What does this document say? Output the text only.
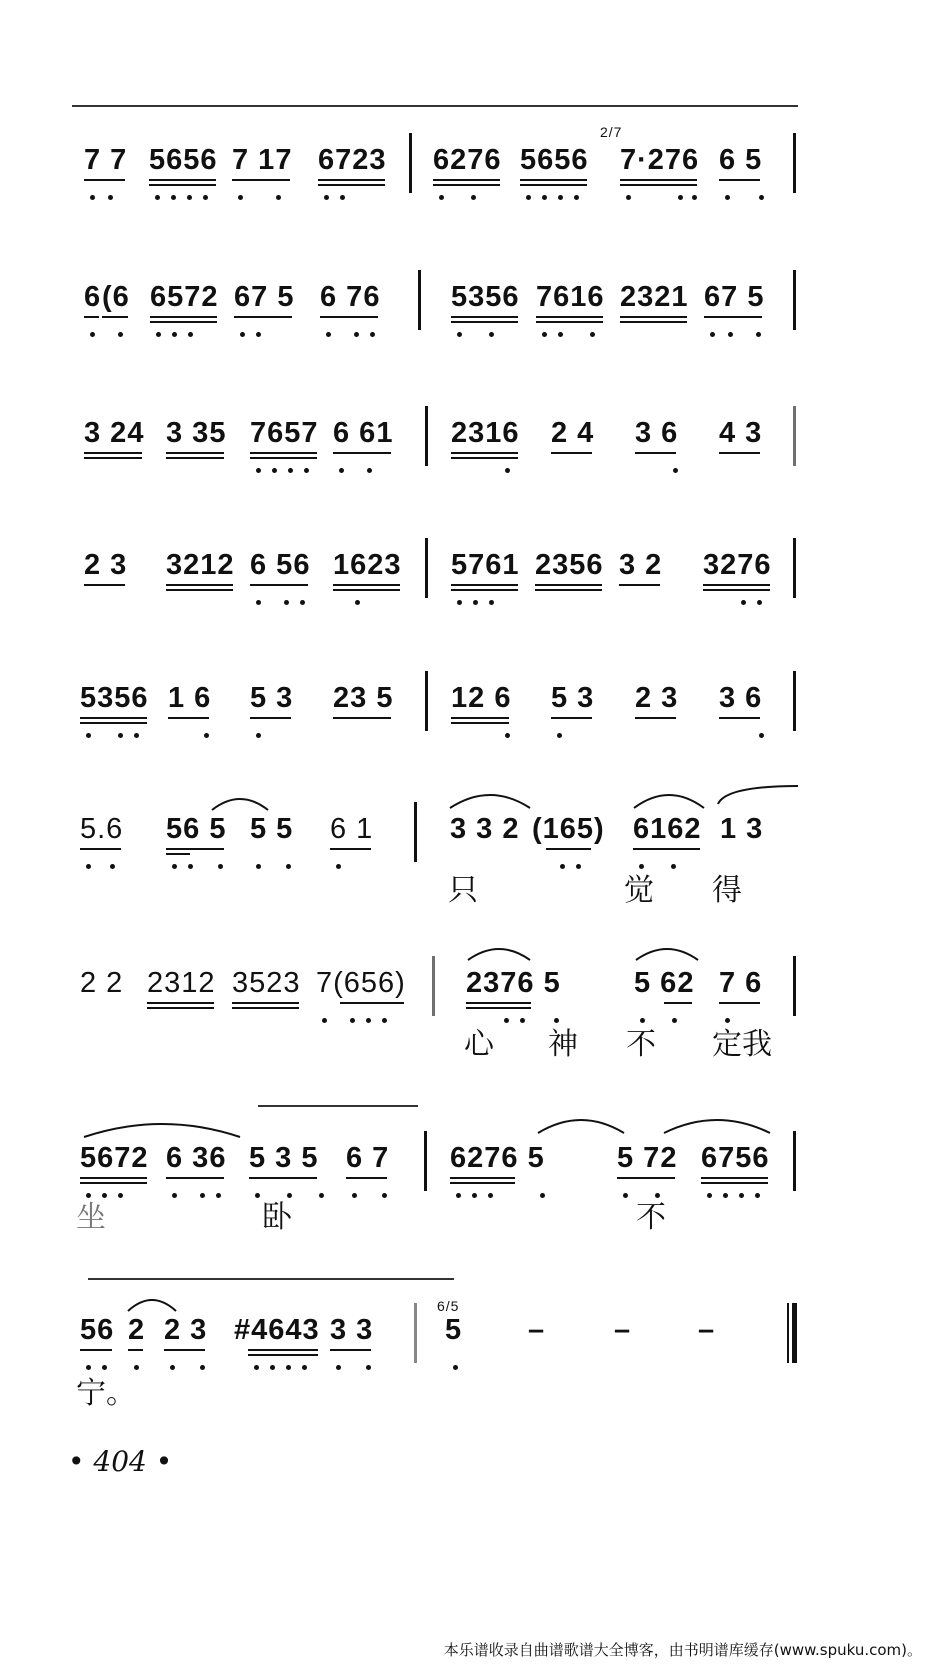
7 7 5656 7 17 6723 6276 5656
2/7
7·276 6 5
6 (6 6572 67 5 6 76 5356 7616 2321 67 5
3 24 3 35 7657 6 61 2316 2 4 3 6 4 3
2 3 3212 6 56 1623 5761 2356 3 2 3276
5356 1 6 5 3 23 5 12 6 5 3 2 3 3 6
5.6 56 5 5 5 6 1	3 3 2 (165) 6162 1 3
只	觉 得
2 2 2312 3523 7(656) 2376 5	5 62 7 6
心 神 不 定我
5672 6 36 5 3 5 6 7 6276 5 5 72 6756
坐	卧	不
56 2 2 3 #4643 3 3
6/5
5 – – –
宁。
• 404 •
本乐谱收录自曲谱歌谱大全博客，由书明谱库缓存(www.spuku.com)。
